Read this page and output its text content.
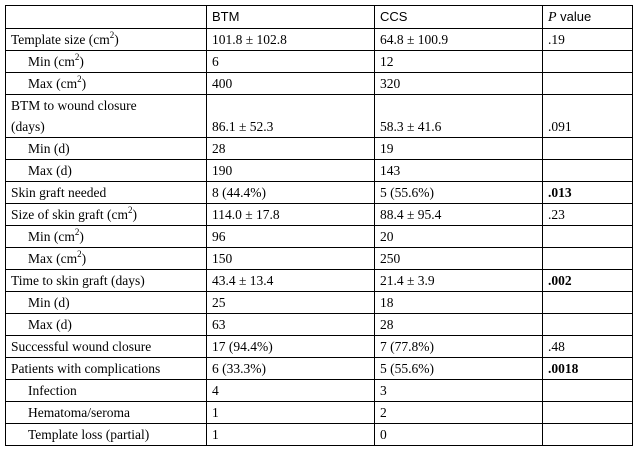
	BTM	CCS	P value
Template size $(cm^2)$	101.8 ± 102.8	64.8 ± 100.9	.19
Min $(cm^2)$	6	12	
Max $(cm^2)$	400	320	
BTM to wound closure
(days)	86.1 ± 52.3	58.3 ± 41.6	.091
Min (d)	28	19	
Max (d)	190	143	
Skin graft needed	8 (44.4%)	5 (55.6%)	.013
Size of skin graft $(cm^2)$	114.0 ± 17.8	88.4 ± 95.4	.23
Min $(cm^2)$	96	20	
Max $(cm^2)$	150	250	
Time to skin graft (days)	43.4 ± 13.4	21.4 ± 3.9	.002
Min (d)	25	18	
Max (d)	63	28	
Successful wound closure	17 (94.4%)	7 (77.8%)	.48
Patients with complications	6 (33.3%)	5 (55.6%)	.0018
Infection	4	3	
Hematoma/seroma	1	2	
Template loss (partial)	1	0	
